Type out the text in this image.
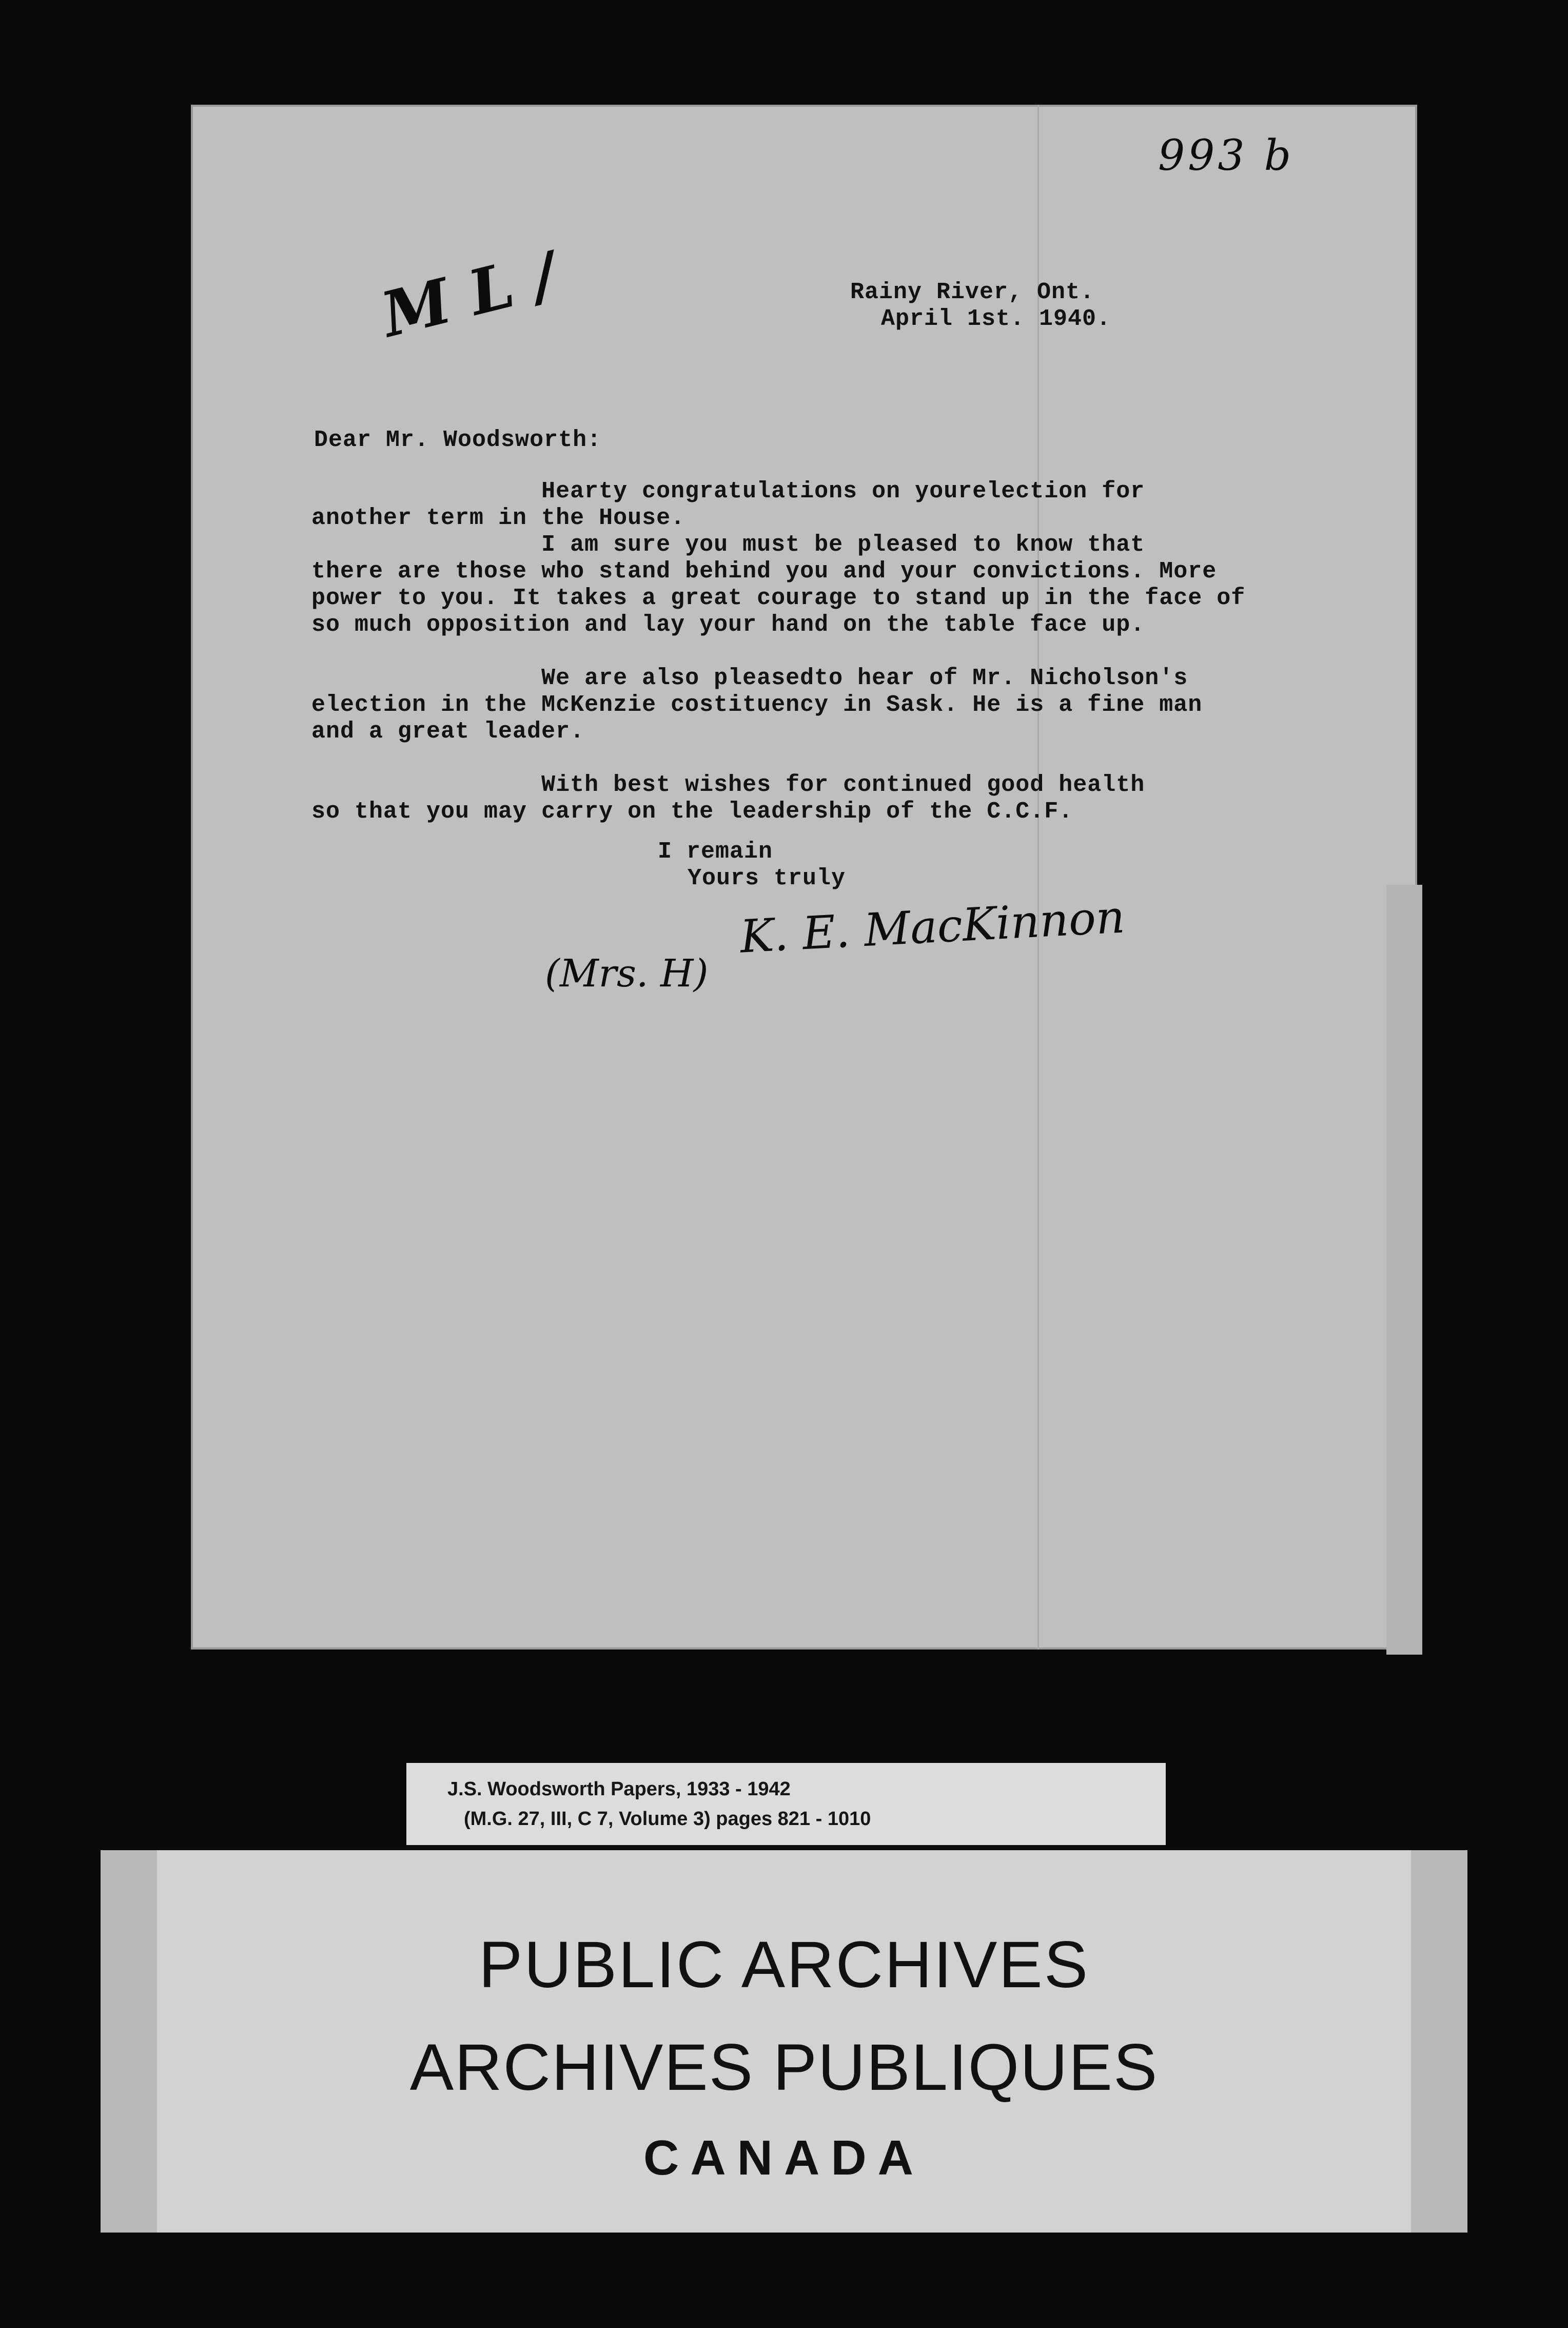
993 b
M L /	Rainy River, Ont.
April 1st. 1940.
Dear Mr. Woodsworth:
Hearty congratulations on yourelection for
another term in the House.
I am sure you must be pleased to know that
there are those who stand behind you and your convictions. More
power to you. It takes a great courage to stand up in the face of
so much opposition and lay your hand on the table face up.
We are also pleasedto hear of Mr. Nicholson's
election in the McKenzie costituency in Sask. He is a fine man
and a great leader.
With best wishes for continued good health
so that you may carry on the leadership of the C.C.F.
I remain
Yours truly
K. E. MacKinnon
(Mrs. H)
J.S. Woodsworth Papers, 1933 - 1942
(M.G. 27, III, C 7, Volume 3) pages 821 - 1010
PUBLIC ARCHIVES
ARCHIVES PUBLIQUES
CANADA
